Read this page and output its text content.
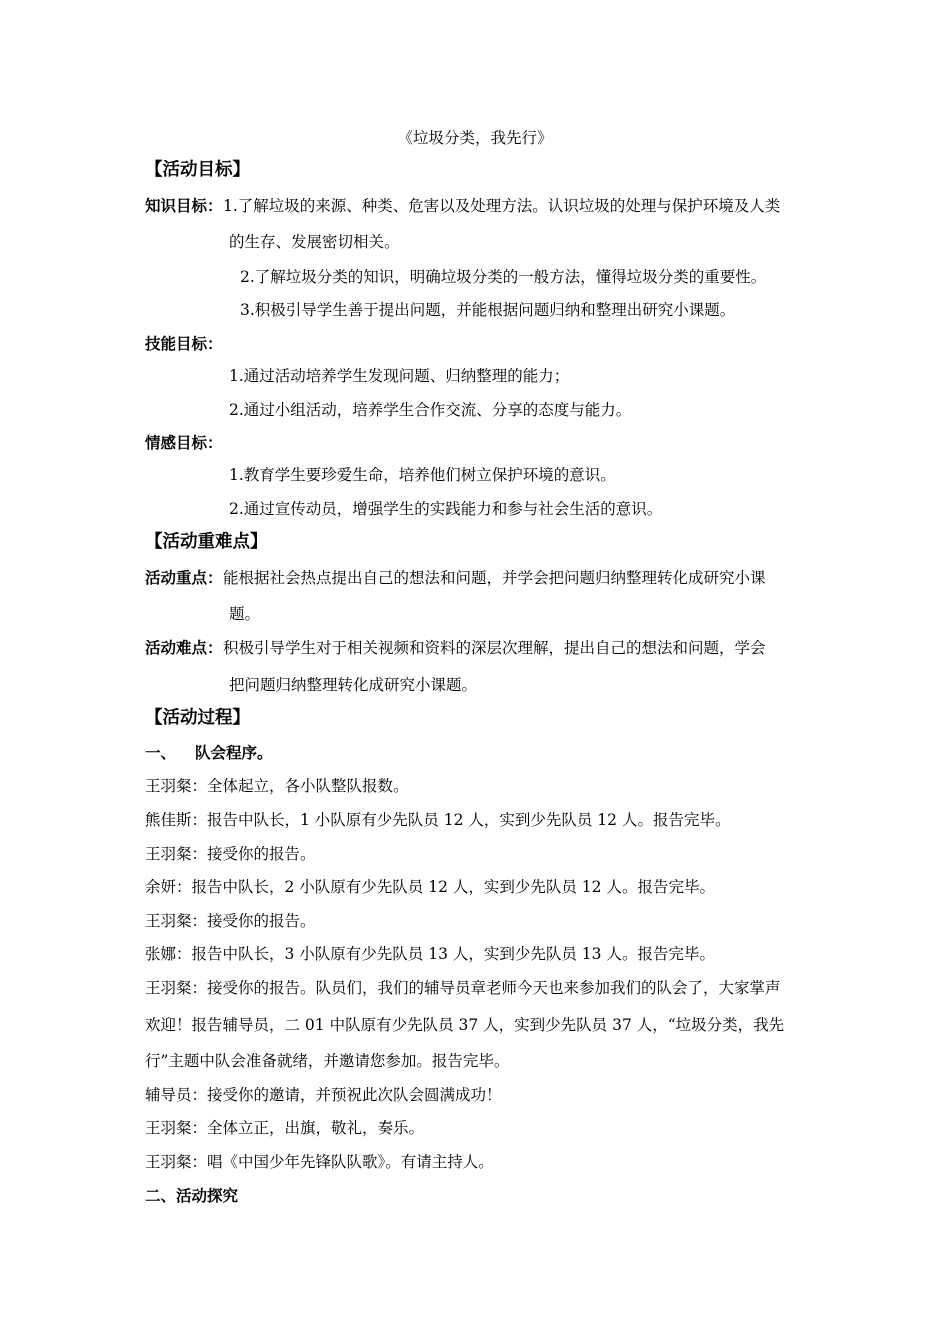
《垃圾分类，我先行》
【活动目标】
知识目标： 1.了解垃圾的来源、种类、危害以及处理方法。认识垃圾的处理与保护环境及人类
的生存、发展密切相关。
2.了解垃圾分类的知识，明确垃圾分类的一般方法，懂得垃圾分类的重要性。
3.积极引导学生善于提出问题，并能根据问题归纳和整理出研究小课题。
技能目标：
1.通过活动培养学生发现问题、归纳整理的能力；
2.通过小组活动，培养学生合作交流、分享的态度与能力。
情感目标：
1.教育学生要珍爱生命，培养他们树立保护环境的意识。
2.通过宣传动员，增强学生的实践能力和参与社会生活的意识。
【活动重难点】
活动重点： 能根据社会热点提出自己的想法和问题，并学会把问题归纳整理转化成研究小课
题。
活动难点： 积极引导学生对于相关视频和资料的深层次理解，提出自己的想法和问题，学会
把问题归纳整理转化成研究小课题。
【活动过程】
一、 队会程序。
王羽粲：全体起立，各小队整队报数。
熊佳斯：报告中队长，1 小队原有少先队员 12 人，实到少先队员 12 人。报告完毕。
王羽粲：接受你的报告。
余妍：报告中队长，2 小队原有少先队员 12 人，实到少先队员 12 人。报告完毕。
王羽粲：接受你的报告。
张娜：报告中队长，3 小队原有少先队员 13 人，实到少先队员 13 人。报告完毕。
王羽粲：接受你的报告。队员们，我们的辅导员章老师今天也来参加我们的队会了，大家掌声
欢迎！报告辅导员，二 01 中队原有少先队员 37 人，实到少先队员 37 人，“垃圾分类，我先
行”主题中队会准备就绪，并邀请您参加。报告完毕。
辅导员：接受你的邀请，并预祝此次队会圆满成功！
王羽粲：全体立正，出旗，敬礼，奏乐。
王羽粲：唱《中国少年先锋队队歌》。有请主持人。
二、活动探究
